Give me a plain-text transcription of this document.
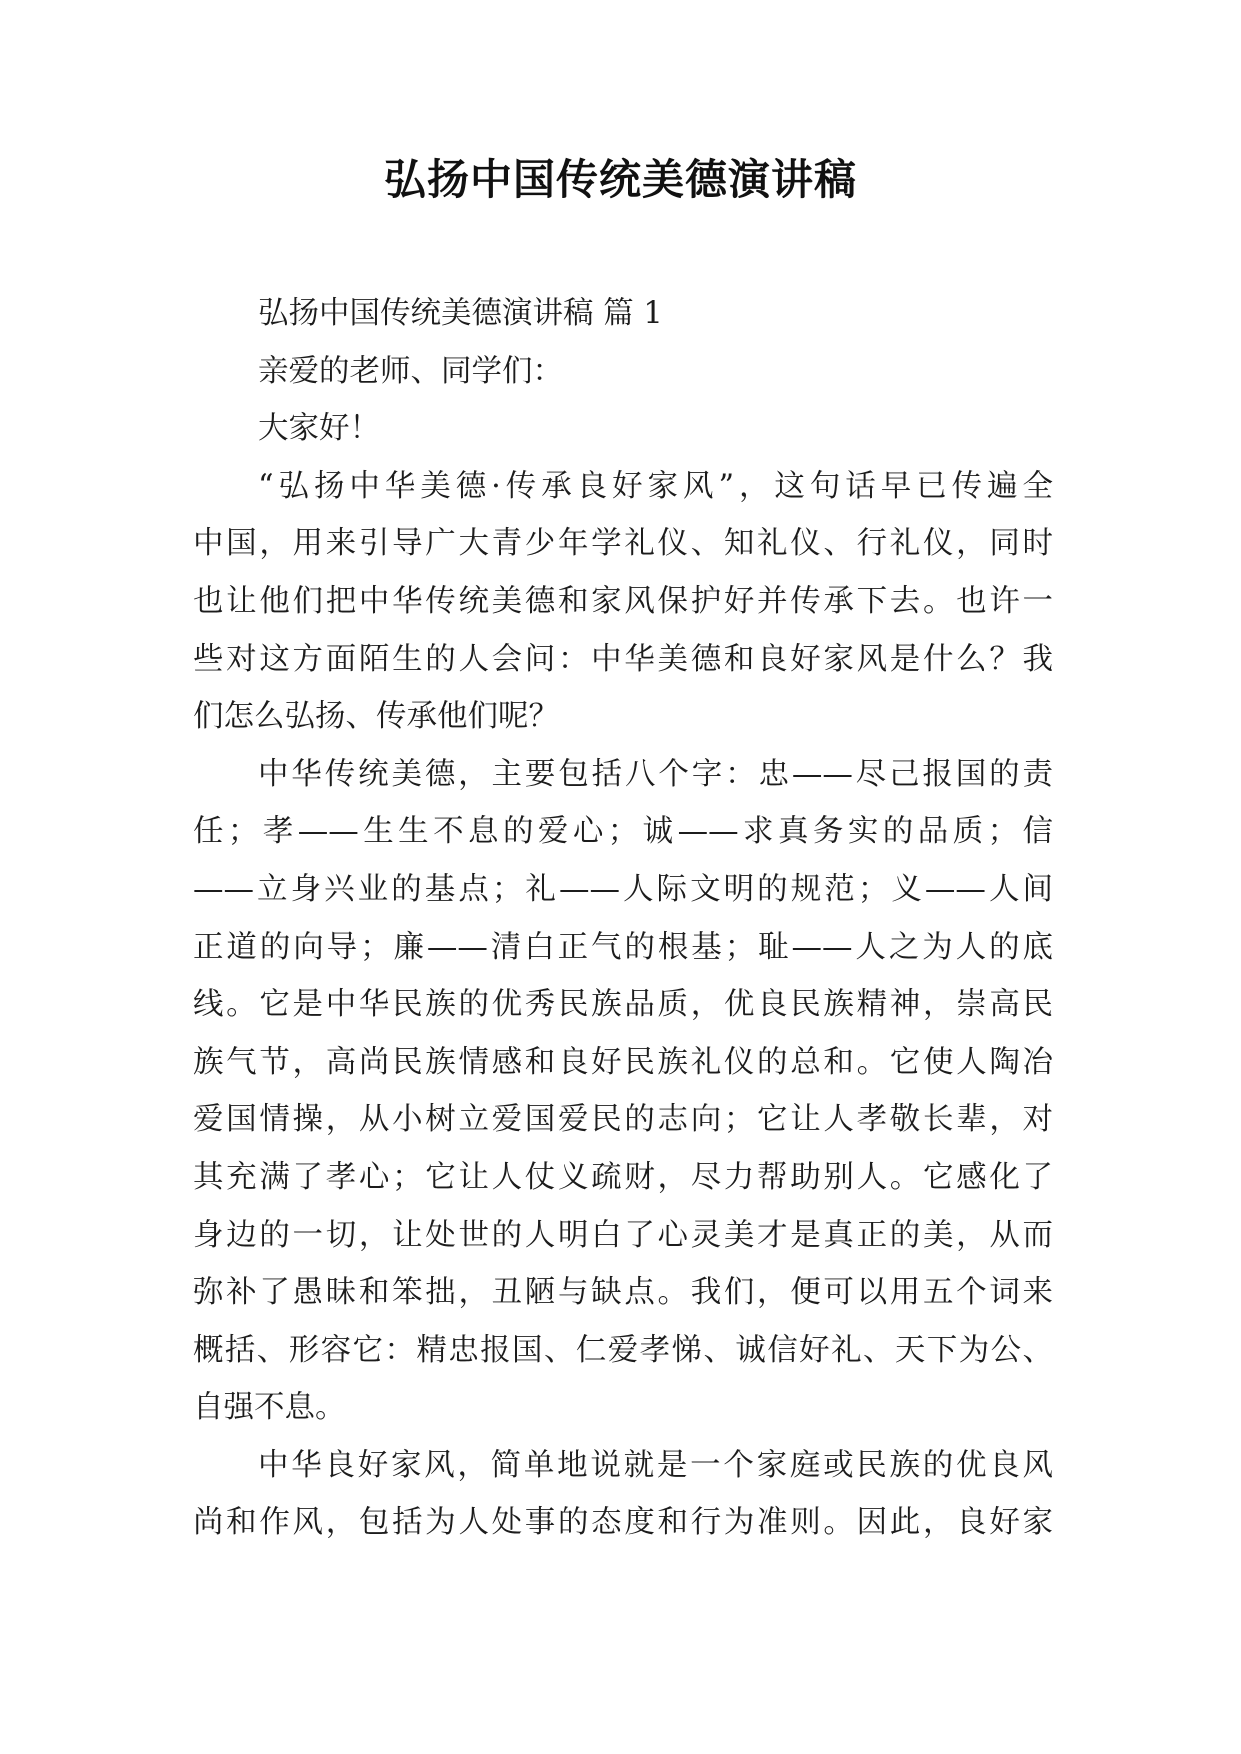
弘扬中国传统美德演讲稿
弘扬中国传统美德演讲稿 篇 1
亲爱的老师、同学们：
大家好！
“弘扬中华美德·传承良好家风”，这句话早已传遍全
中国，用来引导广大青少年学礼仪、知礼仪、行礼仪，同时
也让他们把中华传统美德和家风保护好并传承下去。也许一
些对这方面陌生的人会问：中华美德和良好家风是什么？我
们怎么弘扬、传承他们呢？
中华传统美德，主要包括八个字：忠——尽己报国的责
任；孝——生生不息的爱心；诚——求真务实的品质；信
——立身兴业的基点；礼——人际文明的规范；义——人间
正道的向导；廉——清白正气的根基；耻——人之为人的底
线。它是中华民族的优秀民族品质，优良民族精神，崇高民
族气节，高尚民族情感和良好民族礼仪的总和。它使人陶冶
爱国情操，从小树立爱国爱民的志向；它让人孝敬长辈，对
其充满了孝心；它让人仗义疏财，尽力帮助别人。它感化了
身边的一切，让处世的人明白了心灵美才是真正的美，从而
弥补了愚昧和笨拙，丑陋与缺点。我们，便可以用五个词来
概括、形容它：精忠报国、仁爱孝悌、诚信好礼、天下为公、
自强不息。
中华良好家风，简单地说就是一个家庭或民族的优良风
尚和作风，包括为人处事的态度和行为准则。因此，良好家
